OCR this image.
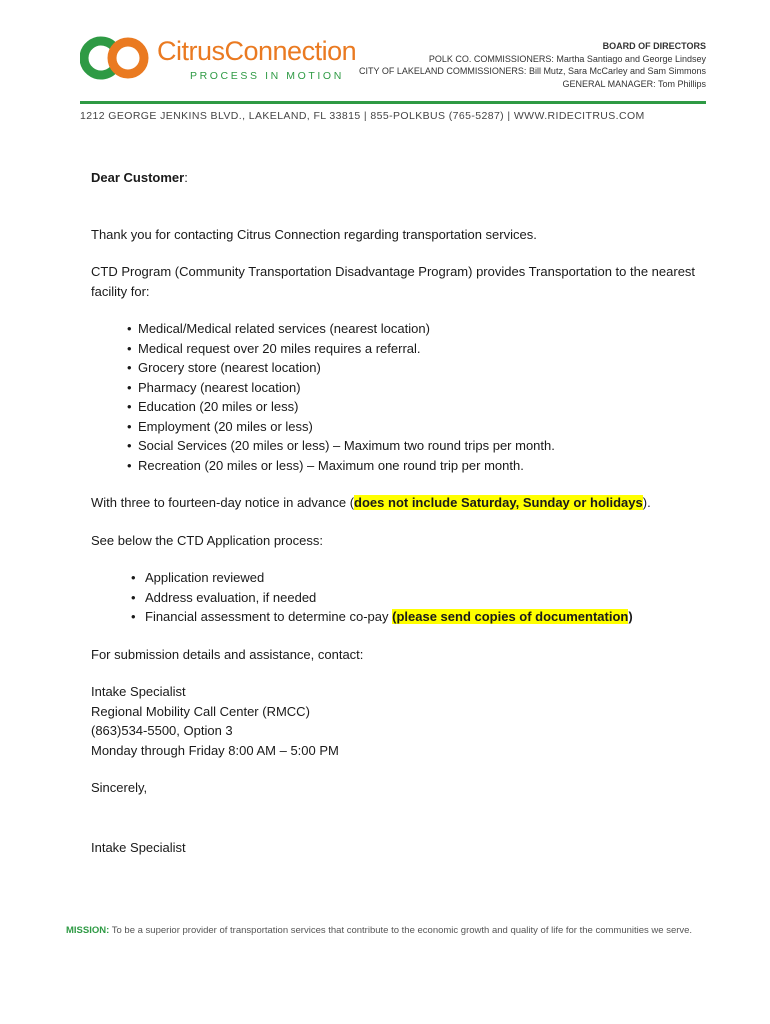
CitrusConnection
PROCESS IN MOTION
BOARD OF DIRECTORS
POLK CO. COMMISSIONERS: Martha Santiago and George Lindsey
CITY OF LAKELAND COMMISSIONERS: Bill Mutz, Sara McCarley and Sam Simmons
GENERAL MANAGER: Tom Phillips
1212 GEORGE JENKINS BLVD., LAKELAND, FL 33815 | 855-POLKBUS (765-5287) | WWW.RIDECITRUS.COM

Dear Customer:

Thank you for contacting Citrus Connection regarding transportation services.

CTD Program (Community Transportation Disadvantage Program) provides Transportation to the nearest facility for:

• Medical/Medical related services (nearest location)
• Medical request over 20 miles requires a referral.
• Grocery store (nearest location)
• Pharmacy (nearest location)
• Education (20 miles or less)
• Employment (20 miles or less)
• Social Services (20 miles or less) – Maximum two round trips per month.
• Recreation (20 miles or less) – Maximum one round trip per month.

With three to fourteen-day notice in advance (does not include Saturday, Sunday or holidays).

See below the CTD Application process:

• Application reviewed
• Address evaluation, if needed
• Financial assessment to determine co-pay (please send copies of documentation)

For submission details and assistance, contact:

Intake Specialist

Regional Mobility Call Center (RMCC)

(863)534-5500, Option 3

Monday through Friday 8:00 AM – 5:00 PM

Sincerely,

Intake Specialist

MISSION: To be a superior provider of transportation services that contribute to the economic growth and quality of life for the communities we serve.
